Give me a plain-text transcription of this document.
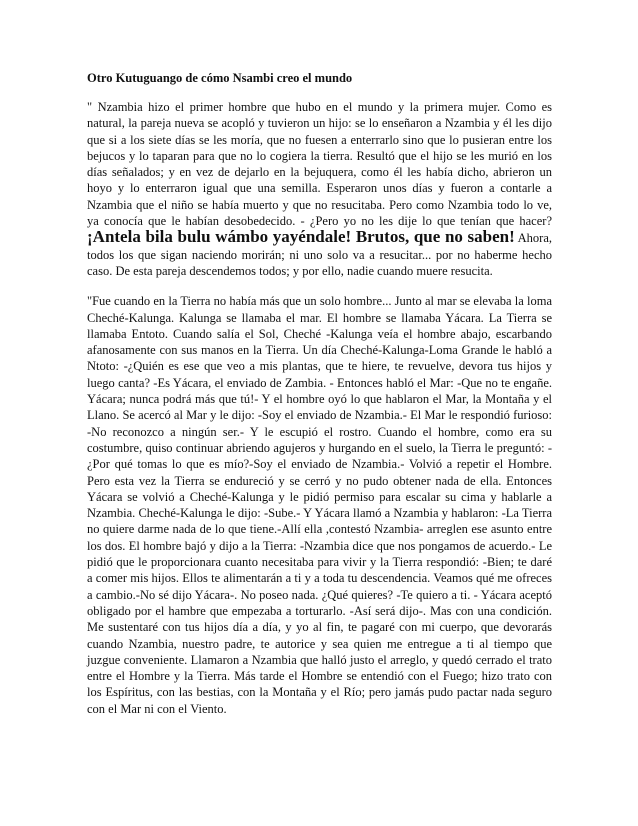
Otro Kutuguango de cómo Nsambi creo el mundo

" Nzambia hizo el primer hombre que hubo en el mundo y la primera mujer. Como es natural, la pareja nueva se acopló y tuvieron un hijo: se lo enseñaron a Nzambia y él les dijo que si a los siete días se les moría, que no fuesen a enterrarlo sino que lo pusieran entre los bejucos y lo taparan para que no lo cogiera la tierra. Resultó que el hijo se les murió en los días señalados; y en vez de dejarlo en la bejuquera, como él les había dicho, abrieron un hoyo y lo enterraron igual que una semilla. Esperaron unos días y fueron a contarle a Nzambia que el niño se había muerto y que no resucitaba. Pero como Nzambia todo lo ve, ya conocía que le habían desobedecido. - ¿Pero yo no les dije lo que tenían que hacer? ¡Antela bila bulu wámbo yayéndale! Brutos, que no saben! Ahora, todos los que sigan naciendo morirán; ni uno solo va a resucitar... por no haberme hecho caso. De esta pareja descendemos todos; y por ello, nadie cuando muere resucita.

"Fue cuando en la Tierra no había más que un solo hombre... Junto al mar se elevaba la loma Cheché-Kalunga. Kalunga se llamaba el mar. El hombre se llamaba Yácara. La Tierra se llamaba Entoto. Cuando salía el Sol, Cheché -Kalunga veía el hombre abajo, escarbando afanosamente con sus manos en la Tierra. Un día Cheché-Kalunga-Loma Grande le habló a Ntoto: -¿Quién es ese que veo a mis plantas, que te hiere, te revuelve, devora tus hijos y luego canta? -Es Yácara, el enviado de Zambia. - Entonces habló el Mar: -Que no te engañe. Yácara; nunca podrá más que tú!- Y el hombre oyó lo que hablaron el Mar, la Montaña y el Llano. Se acercó al Mar y le dijo: -Soy el enviado de Nzambia.- El Mar le respondió furioso: -No reconozco a ningún ser.- Y le escupió el rostro. Cuando el hombre, como era su costumbre, quiso continuar abriendo agujeros y hurgando en el suelo, la Tierra le preguntó: -¿Por qué tomas lo que es mío?-Soy el enviado de Nzambia.- Volvió a repetir el Hombre. Pero esta vez la Tierra se endureció y se cerró y no pudo obtener nada de ella. Entonces Yácara se volvió a Cheché-Kalunga y le pidió permiso para escalar su cima y hablarle a Nzambia. Cheché-Kalunga le dijo: -Sube.- Y Yácara llamó a Nzambia y hablaron: -La Tierra no quiere darme nada de lo que tiene.-Allí ella ,contestó Nzambia- arreglen ese asunto entre los dos. El hombre bajó y dijo a la Tierra: -Nzambia dice que nos pongamos de acuerdo.- Le pidió que le proporcionara cuanto necesitaba para vivir y la Tierra respondió: -Bien; te daré a comer mis hijos. Ellos te alimentarán a ti y a toda tu descendencia. Veamos qué me ofreces a cambio.-No sé dijo Yácara-. No poseo nada. ¿Qué quieres? -Te quiero a ti. - Yácara aceptó obligado por el hambre que empezaba a torturarlo. -Así será dijo-. Mas con una condición. Me sustentaré con tus hijos día a día, y yo al fin, te pagaré con mi cuerpo, que devorarás cuando Nzambia, nuestro padre, te autorice y sea quien me entregue a ti al tiempo que juzgue conveniente. Llamaron a Nzambia que halló justo el arreglo, y quedó cerrado el trato entre el Hombre y la Tierra. Más tarde el Hombre se entendió con el Fuego; hizo trato con los Espíritus, con las bestias, con la Montaña y el Río; pero jamás pudo pactar nada seguro con el Mar ni con el Viento.
